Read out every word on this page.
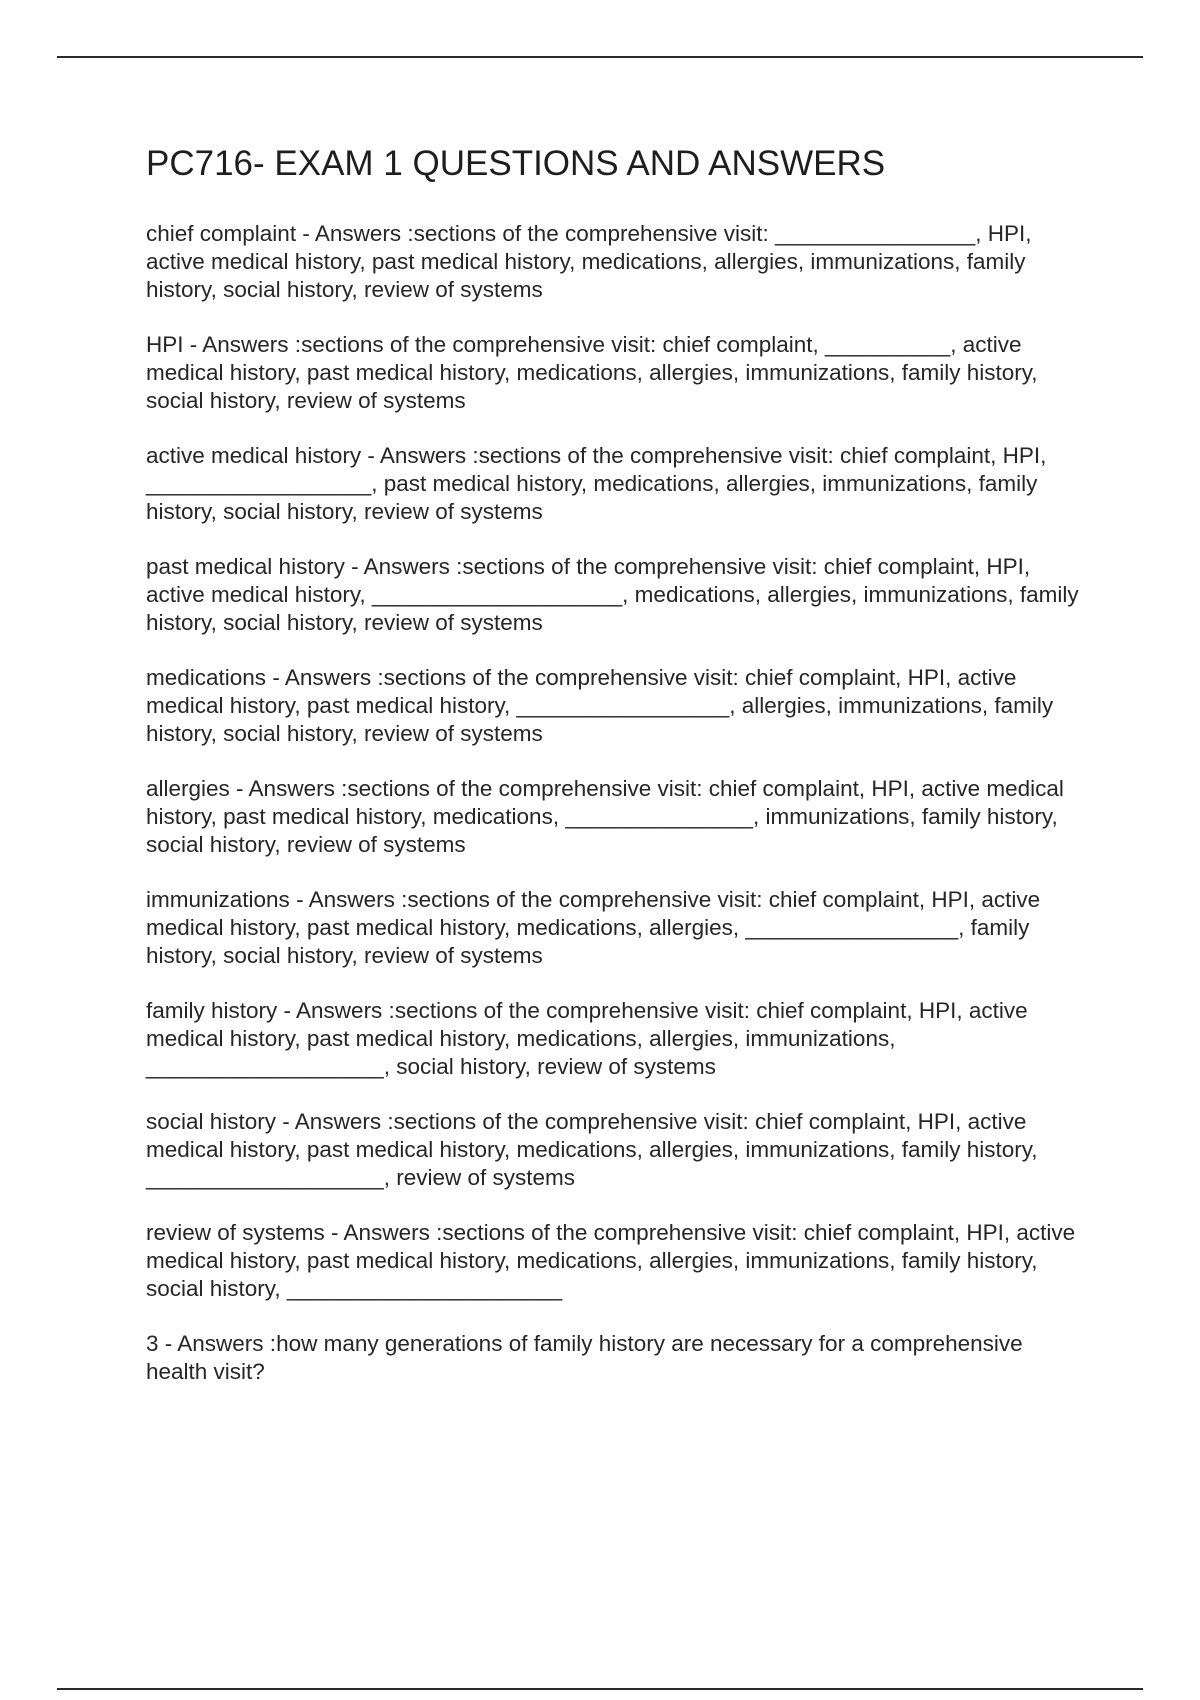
PC716- EXAM 1 QUESTIONS AND ANSWERS
chief complaint - Answers :sections of the comprehensive visit: ________________, HPI, active medical history, past medical history, medications, allergies, immunizations, family history, social history, review of systems
HPI - Answers :sections of the comprehensive visit: chief complaint, __________, active medical history, past medical history, medications, allergies, immunizations, family history, social history, review of systems
active medical history - Answers :sections of the comprehensive visit: chief complaint, HPI, __________________, past medical history, medications, allergies, immunizations, family history, social history, review of systems
past medical history - Answers :sections of the comprehensive visit: chief complaint, HPI, active medical history, ____________________, medications, allergies, immunizations, family history, social history, review of systems
medications - Answers :sections of the comprehensive visit: chief complaint, HPI, active medical history, past medical history, _________________, allergies, immunizations, family history, social history, review of systems
allergies - Answers :sections of the comprehensive visit: chief complaint, HPI, active medical history, past medical history, medications, _______________, immunizations, family history, social history, review of systems
immunizations - Answers :sections of the comprehensive visit: chief complaint, HPI, active medical history, past medical history, medications, allergies, _________________, family history, social history, review of systems
family history - Answers :sections of the comprehensive visit: chief complaint, HPI, active medical history, past medical history, medications, allergies, immunizations, ___________________, social history, review of systems
social history - Answers :sections of the comprehensive visit: chief complaint, HPI, active medical history, past medical history, medications, allergies, immunizations, family history, ___________________, review of systems
review of systems - Answers :sections of the comprehensive visit: chief complaint, HPI, active medical history, past medical history, medications, allergies, immunizations, family history, social history, ______________________
3 - Answers :how many generations of family history are necessary for a comprehensive health visit?
